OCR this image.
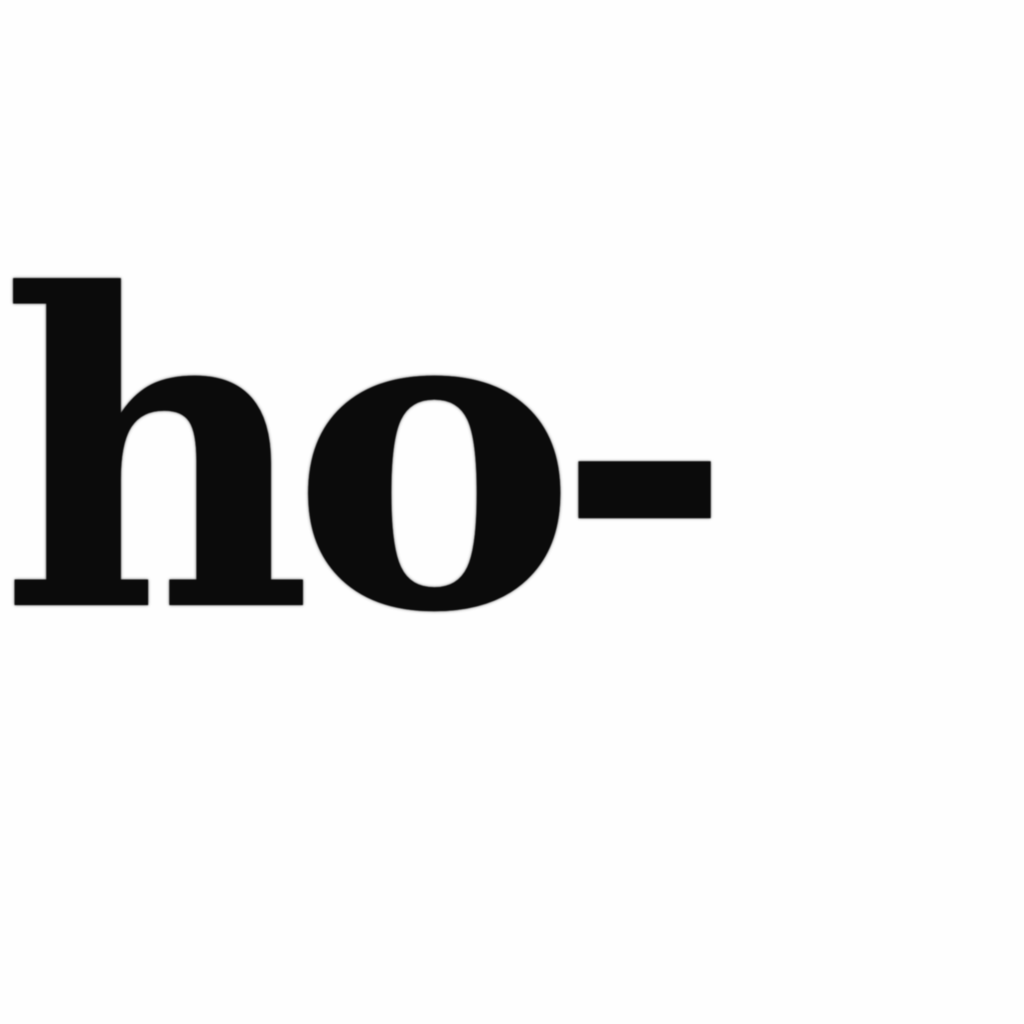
ho-
